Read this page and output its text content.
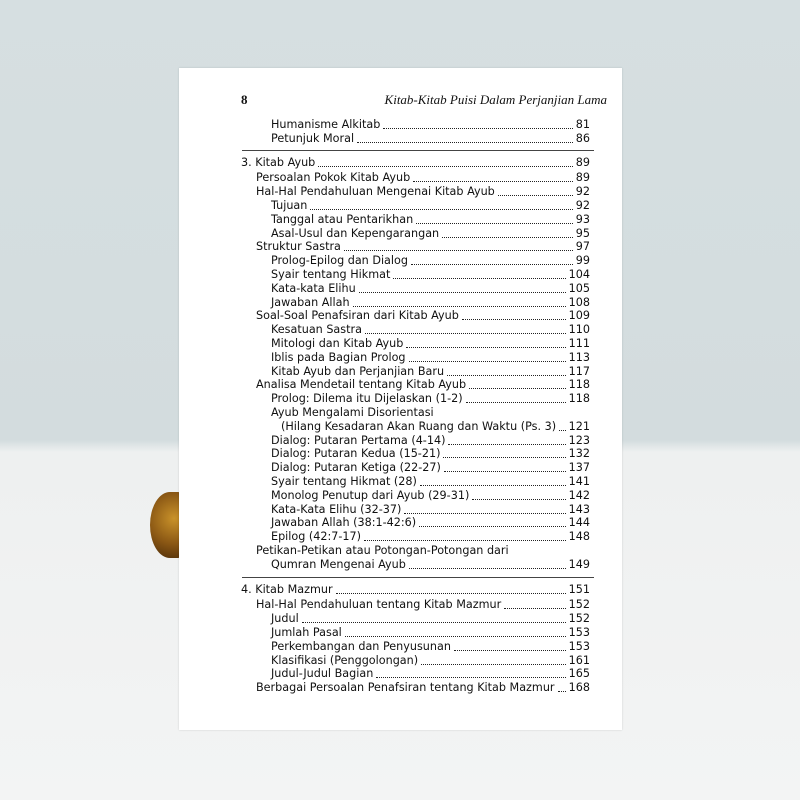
8	Kitab-Kitab Puisi Dalam Perjanjian Lama
Humanisme Alkitab	81
Petunjuk Moral	86
3. Kitab Ayub	89
Persoalan Pokok Kitab Ayub	89
Hal-Hal Pendahuluan Mengenai Kitab Ayub	92
Tujuan	92
Tanggal atau Pentarikhan	93
Asal-Usul dan Kepengarangan	95
Struktur Sastra	97
Prolog-Epilog dan Dialog	99
Syair tentang Hikmat	104
Kata-kata Elihu	105
Jawaban Allah	108
Soal-Soal Penafsiran dari Kitab Ayub	109
Kesatuan Sastra	110
Mitologi dan Kitab Ayub	111
Iblis pada Bagian Prolog	113
Kitab Ayub dan Perjanjian Baru	117
Analisa Mendetail tentang Kitab Ayub	118
Prolog: Dilema itu Dijelaskan (1-2)	118
Ayub Mengalami Disorientasi
(Hilang Kesadaran Akan Ruang dan Waktu (Ps. 3) 121
Dialog: Putaran Pertama (4-14)	123
Dialog: Putaran Kedua (15-21)	132
Dialog: Putaran Ketiga (22-27)	137
Syair tentang Hikmat (28)	141
Monolog Penutup dari Ayub (29-31)	142
Kata-Kata Elihu (32-37)	143
Jawaban Allah (38:1-42:6)	144
Epilog (42:7-17)	148
Petikan-Petikan atau Potongan-Potongan dari
Qumran Mengenai Ayub	149
4. Kitab Mazmur	151
Hal-Hal Pendahuluan tentang Kitab Mazmur	152
Judul	152
Jumlah Pasal	153
Perkembangan dan Penyusunan	153
Klasifikasi (Penggolongan)	161
Judul-Judul Bagian	165
Berbagai Persoalan Penafsiran tentang Kitab Mazmur 168
